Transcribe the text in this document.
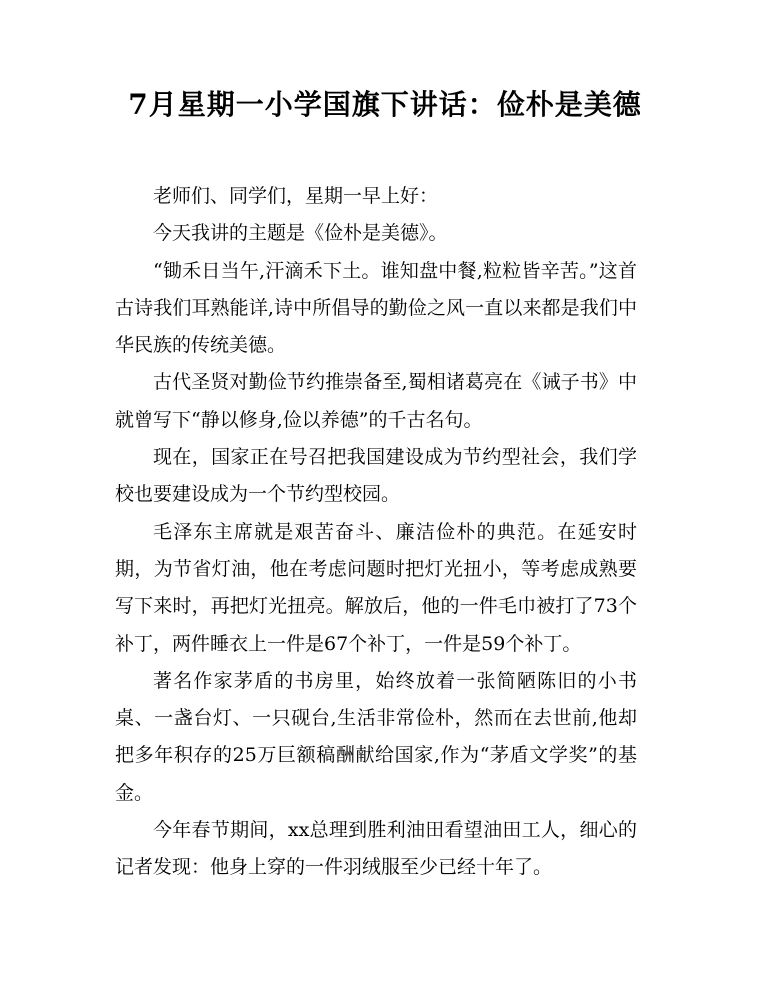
7月星期一小学国旗下讲话：俭朴是美德

老师们、同学们，星期一早上好：

今天我讲的主题是《俭朴是美德》。

“锄禾日当午,汗滴禾下土。谁知盘中餐,粒粒皆辛苦。”这首古诗我们耳熟能详,诗中所倡导的勤俭之风一直以来都是我们中华民族的传统美德。

古代圣贤对勤俭节约推崇备至,蜀相诸葛亮在《诫子书》中就曾写下“静以修身,俭以养德”的千古名句。

现在，国家正在号召把我国建设成为节约型社会，我们学校也要建设成为一个节约型校园。

毛泽东主席就是艰苦奋斗、廉洁俭朴的典范。在延安时期，为节省灯油，他在考虑问题时把灯光扭小，等考虑成熟要写下来时，再把灯光扭亮。解放后，他的一件毛巾被打了73个补丁，两件睡衣上一件是67个补丁，一件是59个补丁。

著名作家茅盾的书房里，始终放着一张简陋陈旧的小书桌、一盏台灯、一只砚台,生活非常俭朴，然而在去世前,他却把多年积存的25万巨额稿酬献给国家,作为“茅盾文学奖”的基金。

今年春节期间，xx总理到胜利油田看望油田工人，细心的记者发现：他身上穿的一件羽绒服至少已经十年了。
